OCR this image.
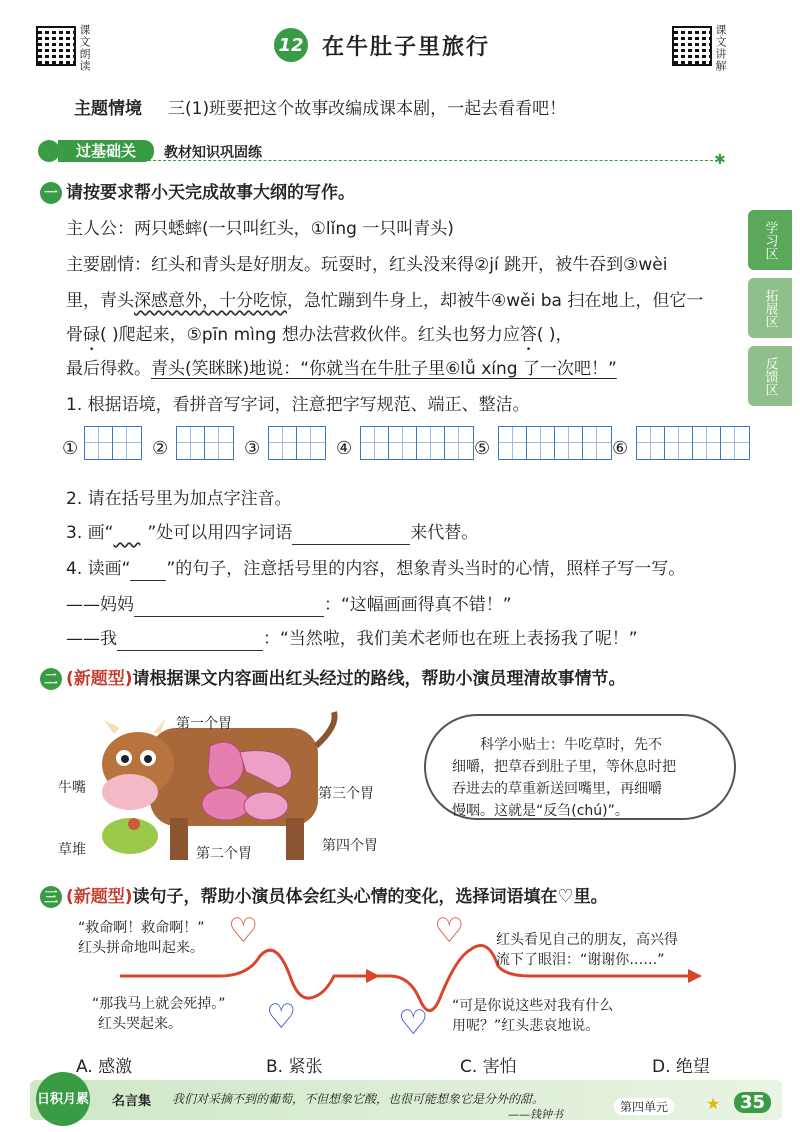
课文朗读	12 在牛肚子里旅行	课文讲解
主题情境 三(1)班要把这个故事改编成课本剧，一起去看看吧！
过基础关	教材知识巩固练	✱
学习区
拓展区
反馈区
一 请按要求帮小天完成故事大纲的写作。
主人公：两只蟋蟀(一只叫红头，①lǐng 一只叫青头)
主要剧情：红头和青头是好朋友。玩耍时，红头没来得②jí 跳开，被牛吞到③wèi
里，青头深感意外，十分吃惊，急忙蹦到牛身上，却被牛④wěi ba 扫在地上，但它一
骨碌( )爬起来，⑤pīn mìng 想办法营救伙伴。红头也努力应答( )，
最后得救。青头(笑眯眯)地说：“你就当在牛肚子里⑥lǚ xíng 了一次吧！”
1. 根据语境，看拼音写字词，注意把字写规范、端正、整洁。
①	②	③	④	⑤	⑥
2. 请在括号里为加点字注音。
3. 画“ ”处可以用四字词语	来代替。
4. 读画“ ”的句子，注意括号里的内容，想象青头当时的心情，照样子写一写。
——妈妈	：“这幅画画得真不错！”
——我	：“当然啦，我们美术老师也在班上表扬我了呢！”
二 (新题型)请根据课文内容画出红头经过的路线，帮助小演员理清故事情节。
第一个胃
牛嘴	第三个胃
草堆	第二个胃	第四个胃
科学小贴士：牛吃草时，先不
细嚼，把草吞到肚子里，等休息时把
吞进去的草重新送回嘴里，再细嚼
慢咽。这就是“反刍(chú)”。
三 (新题型)读句子，帮助小演员体会红头心情的变化，选择词语填在♡里。
♡
♡	♡
♡
“救命啊！救命啊！”
红头拼命地叫起来。
“那我马上就会死掉。”
红头哭起来。
“可是你说这些对我有什么
用呢？”红头悲哀地说。
红头看见自己的朋友，高兴得
流下了眼泪：“谢谢你……”
A. 感激	B. 紧张	C. 害怕	D. 绝望
日积月累 名言集 我们对采摘不到的葡萄，不但想象它酸，也很可能想象它是分外的甜。
——钱钟书
第四单元	★	35
